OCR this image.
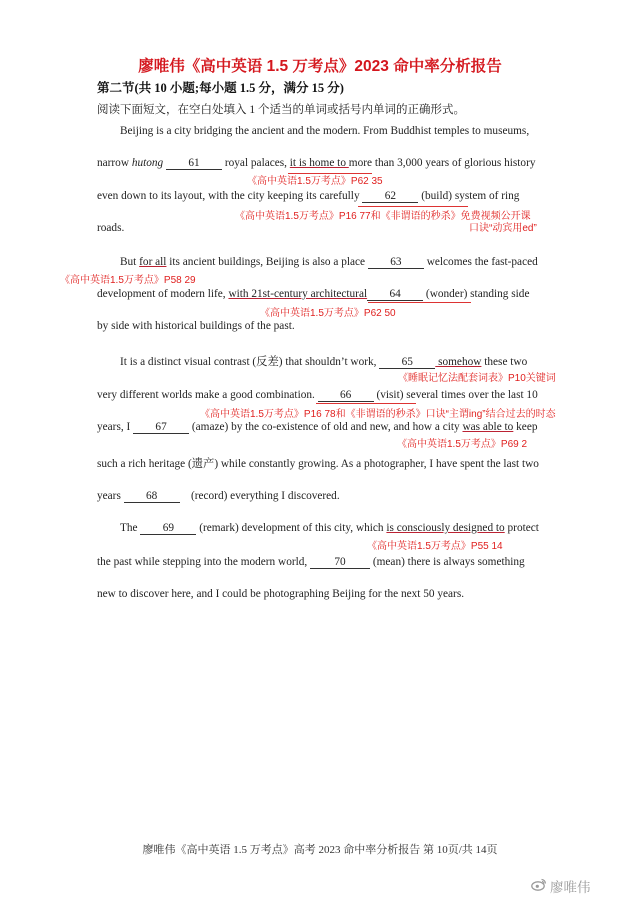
廖唯伟《高中英语 1.5 万考点》2023 命中率分析报告
第二节(共 10 小题;每小题 1.5 分，满分 15 分)
阅读下面短文，在空白处填入 1 个适当的单词或括号内单词的正确形式。
Beijing is a city bridging the ancient and the modern. From Buddhist temples to museums,
narrow hutong 61 royal palaces, it is home to more than 3,000 years of glorious history
《高中英语1.5万考点》P62 35
even down to its layout, with the city keeping its carefully 62 (build) system of ring
《高中英语1.5万考点》P16 77和《非谓语的秒杀》免费视频公开课
口诀“动宾用ed”
roads.
But for all its ancient buildings, Beijing is also a place 63 welcomes the fast-paced
《高中英语1.5万考点》P58 29
development of modern life, with 21st-century architectural 64 (wonder) standing side
《高中英语1.5万考点》P62 50
by side with historical buildings of the past.
It is a distinct visual contrast (反差) that shouldn’t work, 65 somehow these two
《睡眠记忆法配套词表》P10关键词
very different worlds make a good combination. 66 (visit) several times over the last 10
《高中英语1.5万考点》P16 78和《非谓语的秒杀》口诀“主谓ing”结合过去的时态
years, I 67 (amaze) by the co-existence of old and new, and how a city was able to keep
《高中英语1.5万考点》P69 2
such a rich heritage (遗产) while constantly growing. As a photographer, I have spent the last two
years 68	(record) everything I discovered.
The 69 (remark) development of this city, which is consciously designed to protect
《高中英语1.5万考点》P55 14
the past while stepping into the modern world, 70 (mean) there is always something
new to discover here, and I could be photographing Beijing for the next 50 years.
廖唯伟《高中英语 1.5 万考点》高考 2023 命中率分析报告 第 10页/共 14页
廖唯伟
